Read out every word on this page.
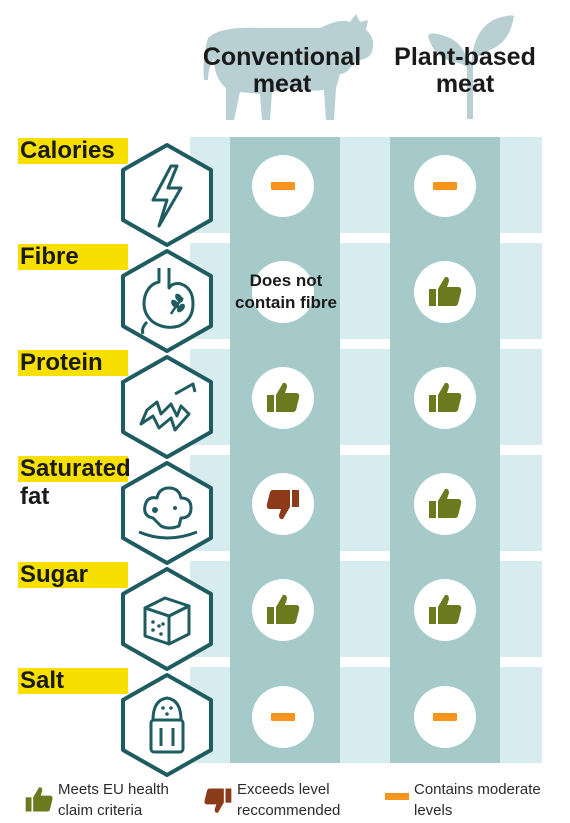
Conventional
meat
Plant-based
meat
Calories
Fibre
Protein
Saturated
fat
Sugar
Salt
Does not
contain fibre
Meets EU health
claim criteria
Exceeds level
reccommended
Contains moderate
levels
